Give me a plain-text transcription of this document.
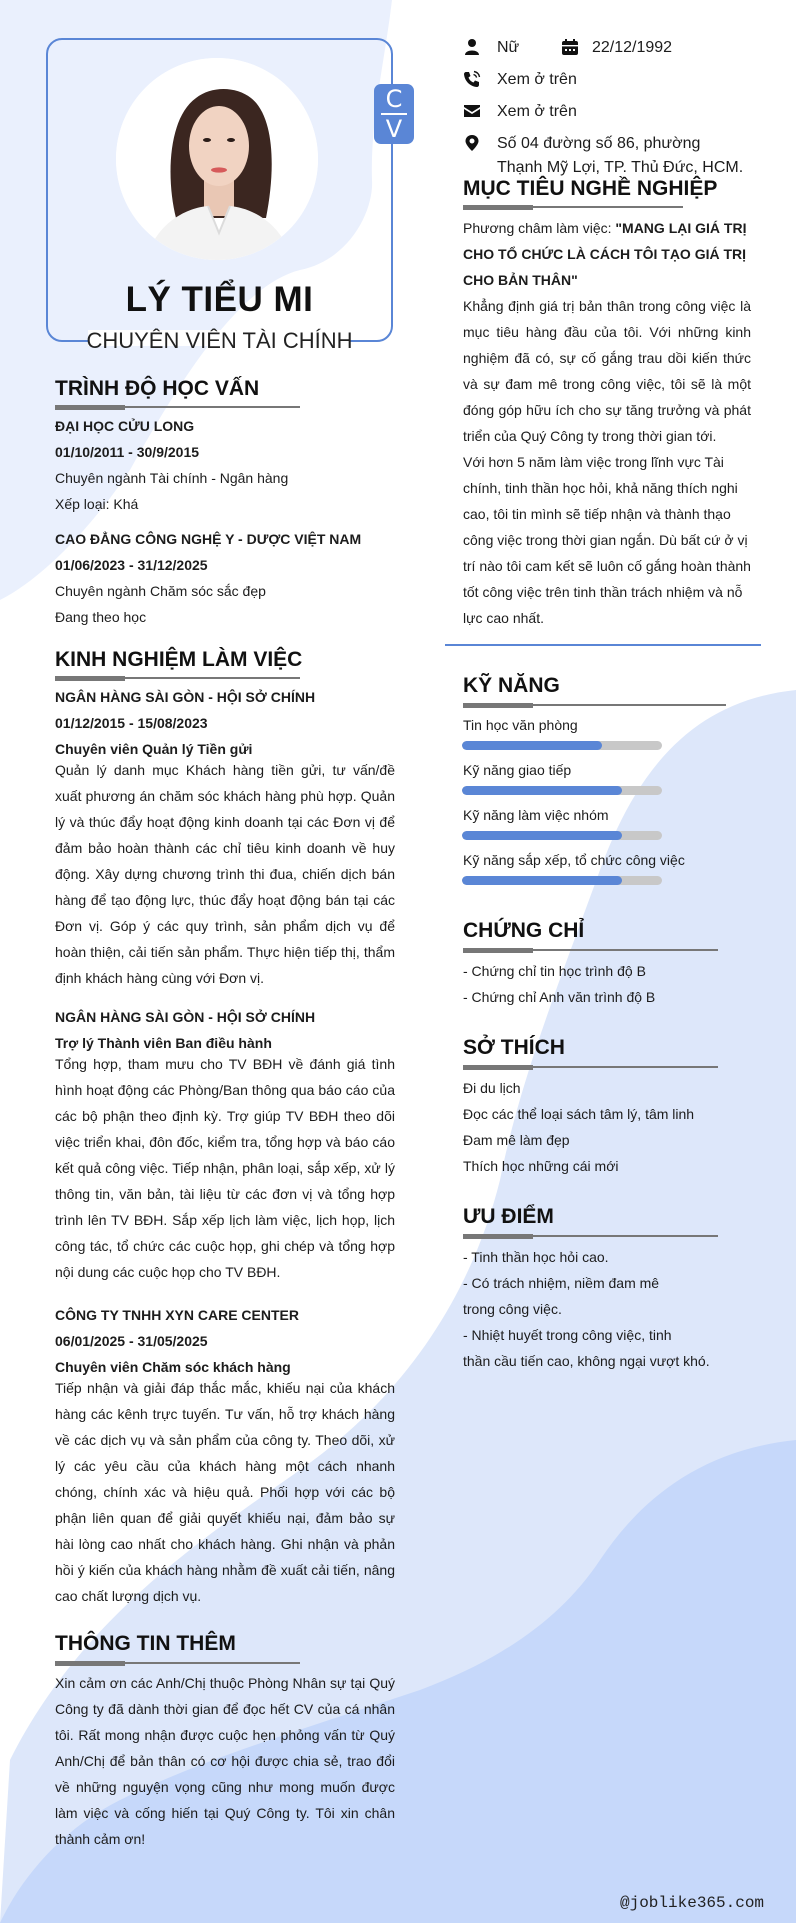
C
V
LÝ TIỂU MI
CHUYÊN VIÊN TÀI CHÍNH
Nữ	22/12/1992
Xem ở trên
Xem ở trên
Số 04 đường số 86, phường
Thạnh Mỹ Lợi, TP. Thủ Đức, HCM.
MỤC TIÊU NGHỀ NGHIỆP
Phương châm làm việc: "MANG LẠI GIÁ TRỊ
CHO TỔ CHỨC LÀ CÁCH TÔI TẠO GIÁ TRỊ
CHO BẢN THÂN"
Khẳng định giá trị bản thân trong công việc là mục tiêu hàng đầu của tôi. Với những kinh nghiệm đã có, sự cố gắng trau dồi kiến thức và sự đam mê trong công việc, tôi sẽ là một đóng góp hữu ích cho sự tăng trưởng và phát triển của Quý Công ty trong thời gian tới.
Với hơn 5 năm làm việc trong lĩnh vực Tài
chính, tinh thần học hỏi, khả năng thích nghi
cao, tôi tin mình sẽ tiếp nhận và thành thạo
công việc trong thời gian ngắn. Dù bất cứ ở vị
trí nào tôi cam kết sẽ luôn cố gắng hoàn thành
tốt công việc trên tinh thần trách nhiệm và nỗ
lực cao nhất.
KỸ NĂNG
Tin học văn phòng
Kỹ năng giao tiếp
Kỹ năng làm việc nhóm
Kỹ năng sắp xếp, tổ chức công việc
CHỨNG CHỈ
- Chứng chỉ tin học trình độ B
- Chứng chỉ Anh văn trình độ B
SỞ THÍCH
Đi du lịch
Đọc các thể loại sách tâm lý, tâm linh
Đam mê làm đẹp
Thích học những cái mới
ƯU ĐIỂM
- Tinh thần học hỏi cao.
- Có trách nhiệm, niềm đam mê
trong công việc.
- Nhiệt huyết trong công việc, tinh
thần cầu tiến cao, không ngại vượt khó.
TRÌNH ĐỘ HỌC VẤN
ĐẠI HỌC CỬU LONG
01/10/2011 - 30/9/2015
Chuyên ngành Tài chính - Ngân hàng
Xếp loại: Khá
CAO ĐẲNG CÔNG NGHỆ Y - DƯỢC VIỆT NAM
01/06/2023 - 31/12/2025
Chuyên ngành Chăm sóc sắc đẹp
Đang theo học
KINH NGHIỆM LÀM VIỆC
NGÂN HÀNG SÀI GÒN - HỘI SỞ CHÍNH
01/12/2015 - 15/08/2023
Chuyên viên Quản lý Tiền gửi
Quản lý danh mục Khách hàng tiền gửi, tư vấn/đề xuất phương án chăm sóc khách hàng phù hợp. Quản lý và thúc đẩy hoạt động kinh doanh tại các Đơn vị để đảm bảo hoàn thành các chỉ tiêu kinh doanh về huy động. Xây dựng chương trình thi đua, chiến dịch bán hàng để tạo động lực, thúc đẩy hoạt động bán tại các Đơn vị. Góp ý các quy trình, sản phẩm dịch vụ để hoàn thiện, cải tiến sản phẩm. Thực hiện tiếp thị, thẩm định khách hàng cùng với Đơn vị.
NGÂN HÀNG SÀI GÒN - HỘI SỞ CHÍNH
Trợ lý Thành viên Ban điều hành
Tổng hợp, tham mưu cho TV BĐH về đánh giá tình hình hoạt động các Phòng/Ban thông qua báo cáo của các bộ phận theo định kỳ. Trợ giúp TV BĐH theo dõi việc triển khai, đôn đốc, kiểm tra, tổng hợp và báo cáo kết quả công việc. Tiếp nhận, phân loại, sắp xếp, xử lý thông tin, văn bản, tài liệu từ các đơn vị và tổng hợp trình lên TV BĐH. Sắp xếp lịch làm việc, lịch họp, lịch công tác, tổ chức các cuộc họp, ghi chép và tổng hợp nội dung các cuộc họp cho TV BĐH.
CÔNG TY TNHH XYN CARE CENTER
06/01/2025 - 31/05/2025
Chuyên viên Chăm sóc khách hàng
Tiếp nhận và giải đáp thắc mắc, khiếu nại của khách hàng các kênh trực tuyến. Tư vấn, hỗ trợ khách hàng về các dịch vụ và sản phẩm của công ty. Theo dõi, xử lý các yêu cầu của khách hàng một cách nhanh chóng, chính xác và hiệu quả. Phối hợp với các bộ phận liên quan để giải quyết khiếu nại, đảm bảo sự hài lòng cao nhất cho khách hàng. Ghi nhận và phản hồi ý kiến của khách hàng nhằm đề xuất cải tiến, nâng cao chất lượng dịch vụ.
THÔNG TIN THÊM
Xin cảm ơn các Anh/Chị thuộc Phòng Nhân sự tại Quý Công ty đã dành thời gian để đọc hết CV của cá nhân tôi. Rất mong nhận được cuộc hẹn phỏng vấn từ Quý Anh/Chị để bản thân có cơ hội được chia sẻ, trao đổi về những nguyện vọng cũng như mong muốn được làm việc và cống hiến tại Quý Công ty. Tôi xin chân thành cảm ơn!
@joblike365.com
